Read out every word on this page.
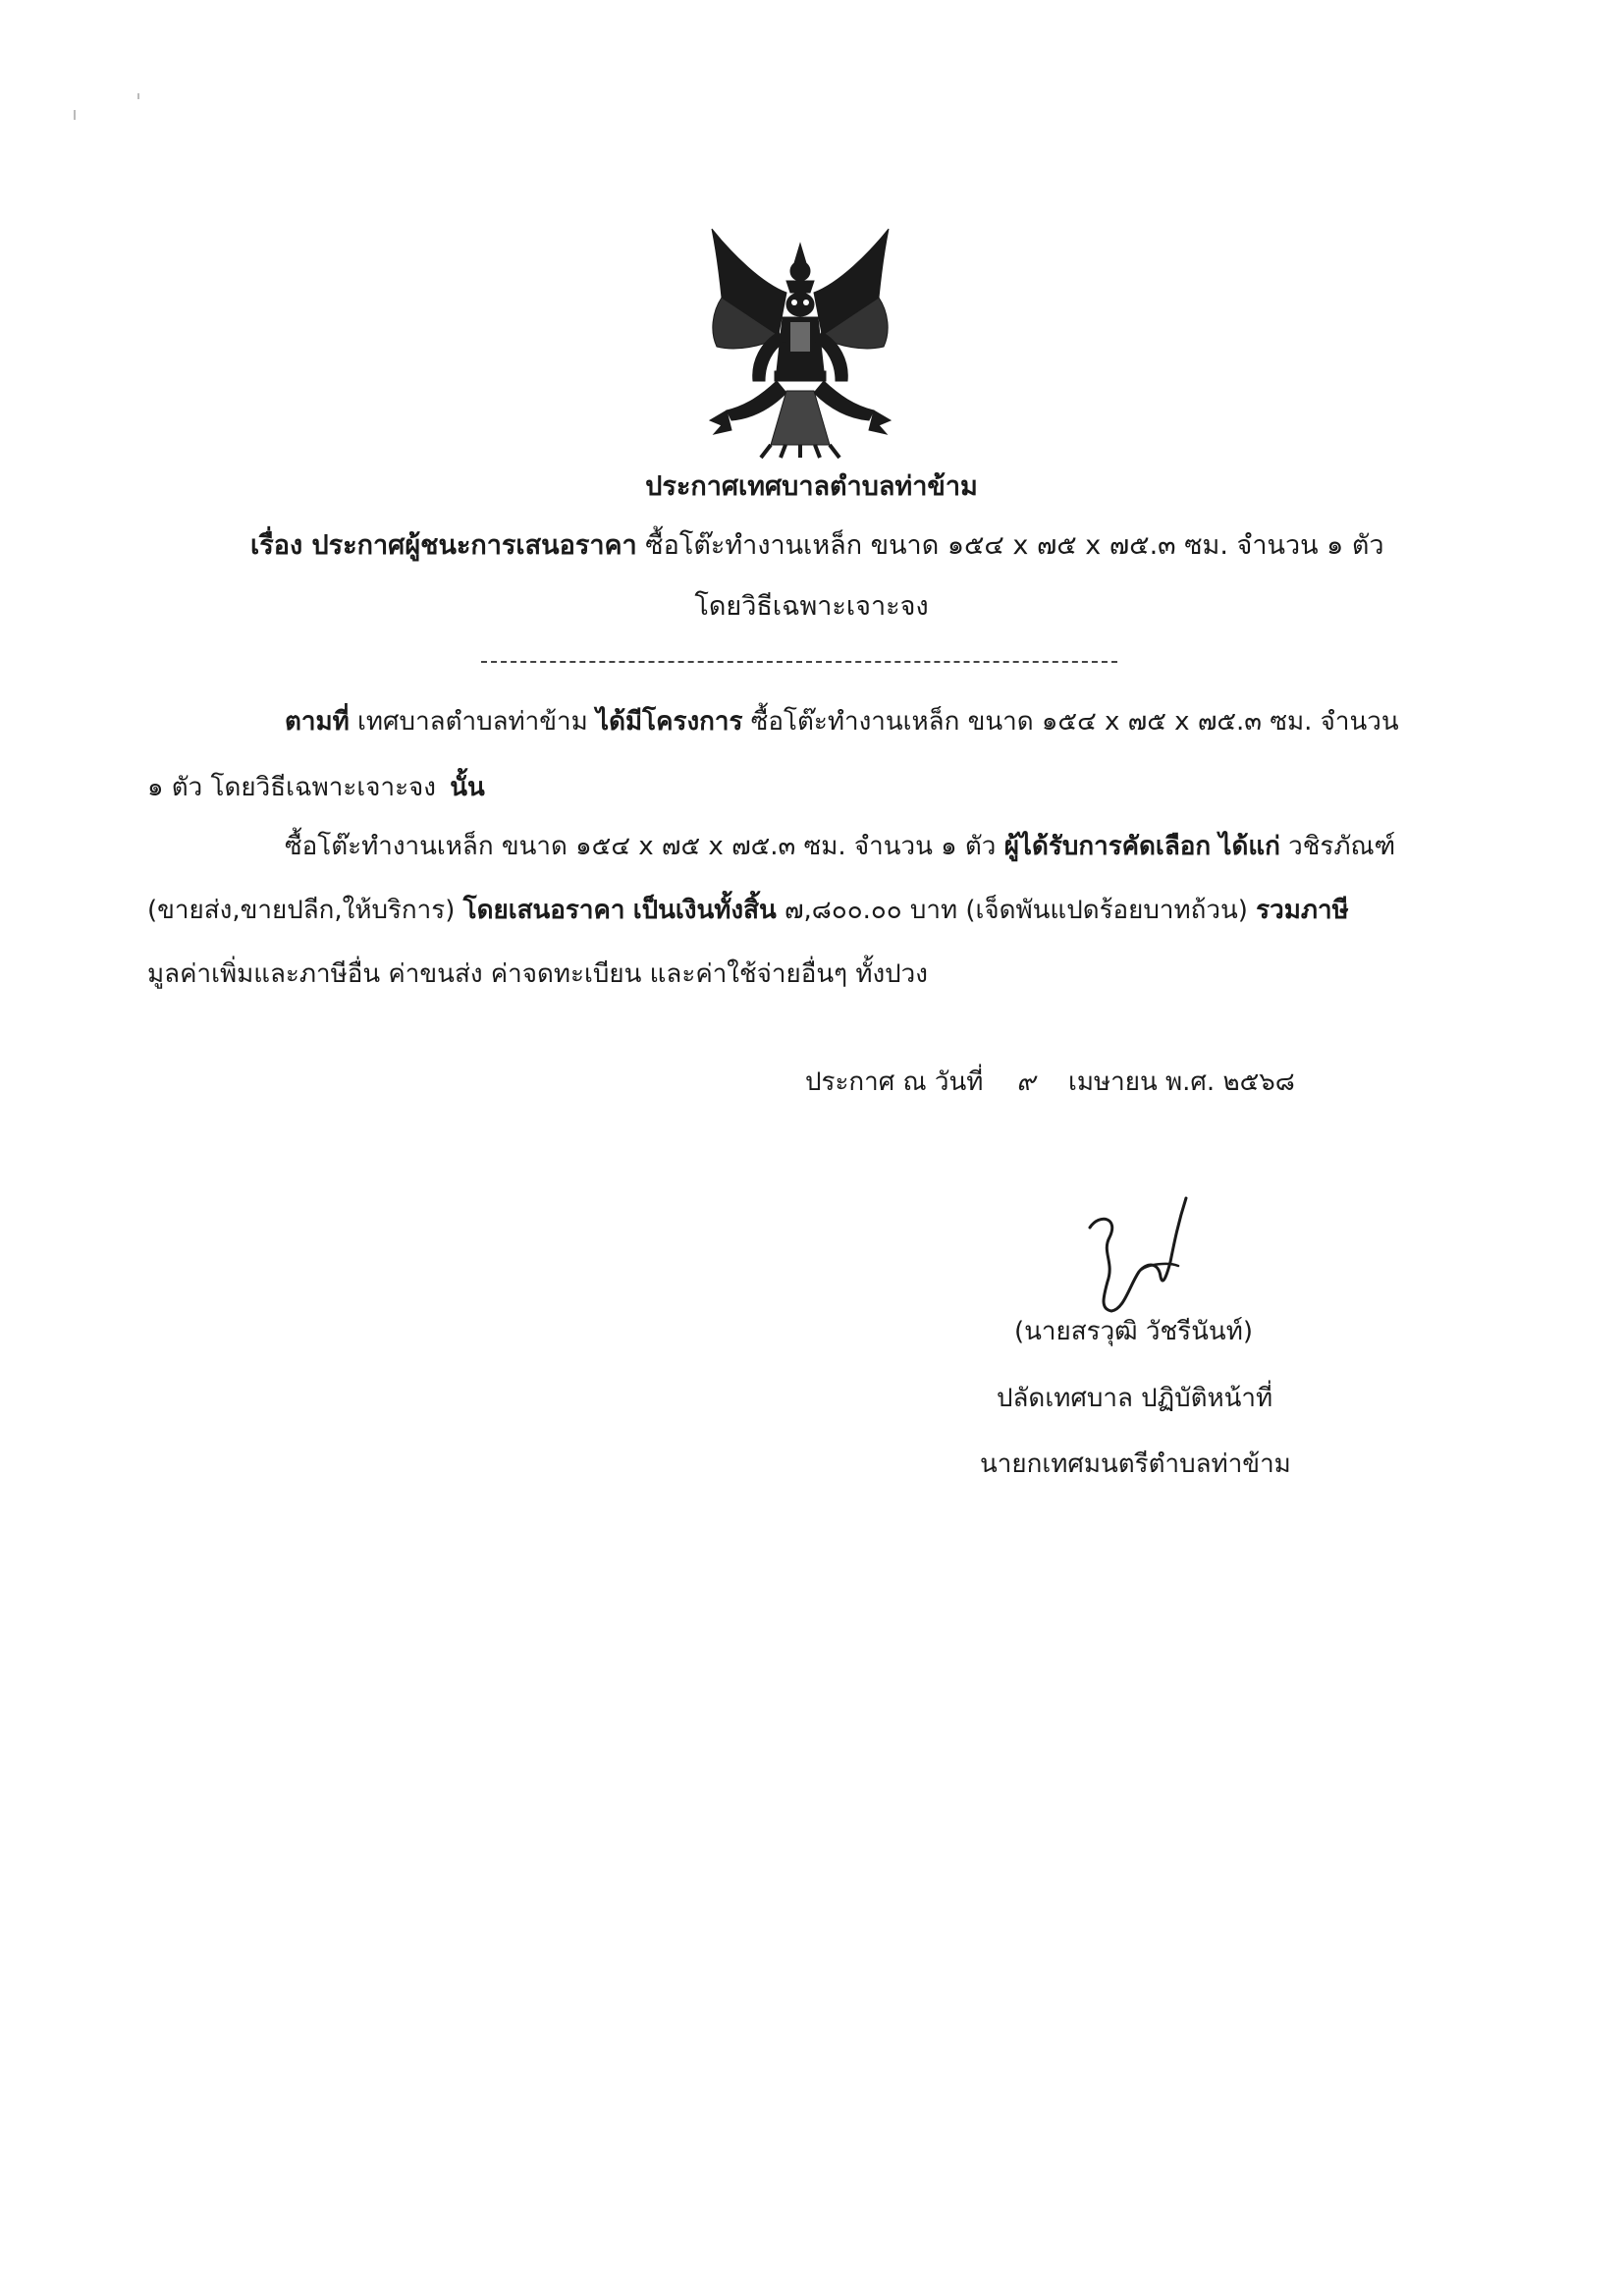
ประกาศเทศบาลตำบลท่าข้าม
เรื่อง ประกาศผู้ชนะการเสนอราคา ซื้อโต๊ะทำงานเหล็ก ขนาด ๑๕๔ x ๗๕ x ๗๕.๓ ซม. จำนวน ๑ ตัว
โดยวิธีเฉพาะเจาะจง
ตามที่ เทศบาลตำบลท่าข้าม ได้มีโครงการ ซื้อโต๊ะทำงานเหล็ก ขนาด ๑๕๔ x ๗๕ x ๗๕.๓ ซม. จำนวน
๑ ตัว โดยวิธีเฉพาะเจาะจง นั้น
ซื้อโต๊ะทำงานเหล็ก ขนาด ๑๕๔ x ๗๕ x ๗๕.๓ ซม. จำนวน ๑ ตัว ผู้ได้รับการคัดเลือก ได้แก่ วชิรภัณฑ์
(ขายส่ง,ขายปลีก,ให้บริการ) โดยเสนอราคา เป็นเงินทั้งสิ้น ๗,๘๐๐.๐๐ บาท (เจ็ดพันแปดร้อยบาทถ้วน) รวมภาษี
มูลค่าเพิ่มและภาษีอื่น ค่าขนส่ง ค่าจดทะเบียน และค่าใช้จ่ายอื่นๆ ทั้งปวง
ประกาศ ณ วันที่ ๙ เมษายน พ.ศ. ๒๕๖๘
(นายสรวุฒิ วัชรีนันท์)
ปลัดเทศบาล ปฏิบัติหน้าที่
นายกเทศมนตรีตำบลท่าข้าม
